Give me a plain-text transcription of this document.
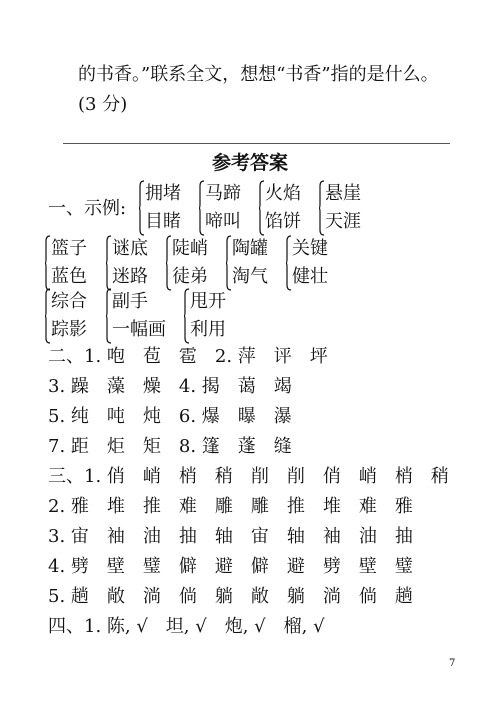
的书香。”联系全文，想想“书香”指的是什么。
(3 分)
参考答案
一、示例:
拥堵
目睹
马蹄
啼叫
火焰
馅饼
悬崖
天涯
篮子
蓝色
谜底
迷路
陡峭
徒弟
陶罐
淘气
关键
健壮
综合
踪影
副手
一幅画
甩开
利用
二、1. 咆　苞　雹　2. 萍　评　坪
3. 躁　藻　燥　4. 揭　蔼　竭
5. 纯　吨　炖　6. 爆　曝　瀑
7. 距　炬　矩　8. 篷　蓬　缝
三、1. 俏　峭　梢　稍　削　削　俏　峭　梢　稍
2. 雅　堆　推　难　雕　雕　推　堆　难　雅
3. 宙　袖　油　抽　轴　宙　轴　袖　油　抽
4. 劈　壁　璧　僻　避　僻　避　劈　壁　璧
5. 趟　敞　淌　倘　躺　敞　躺　淌　倘　趟
四、1. 陈, √　坦, √　炮, √　榴, √
7
